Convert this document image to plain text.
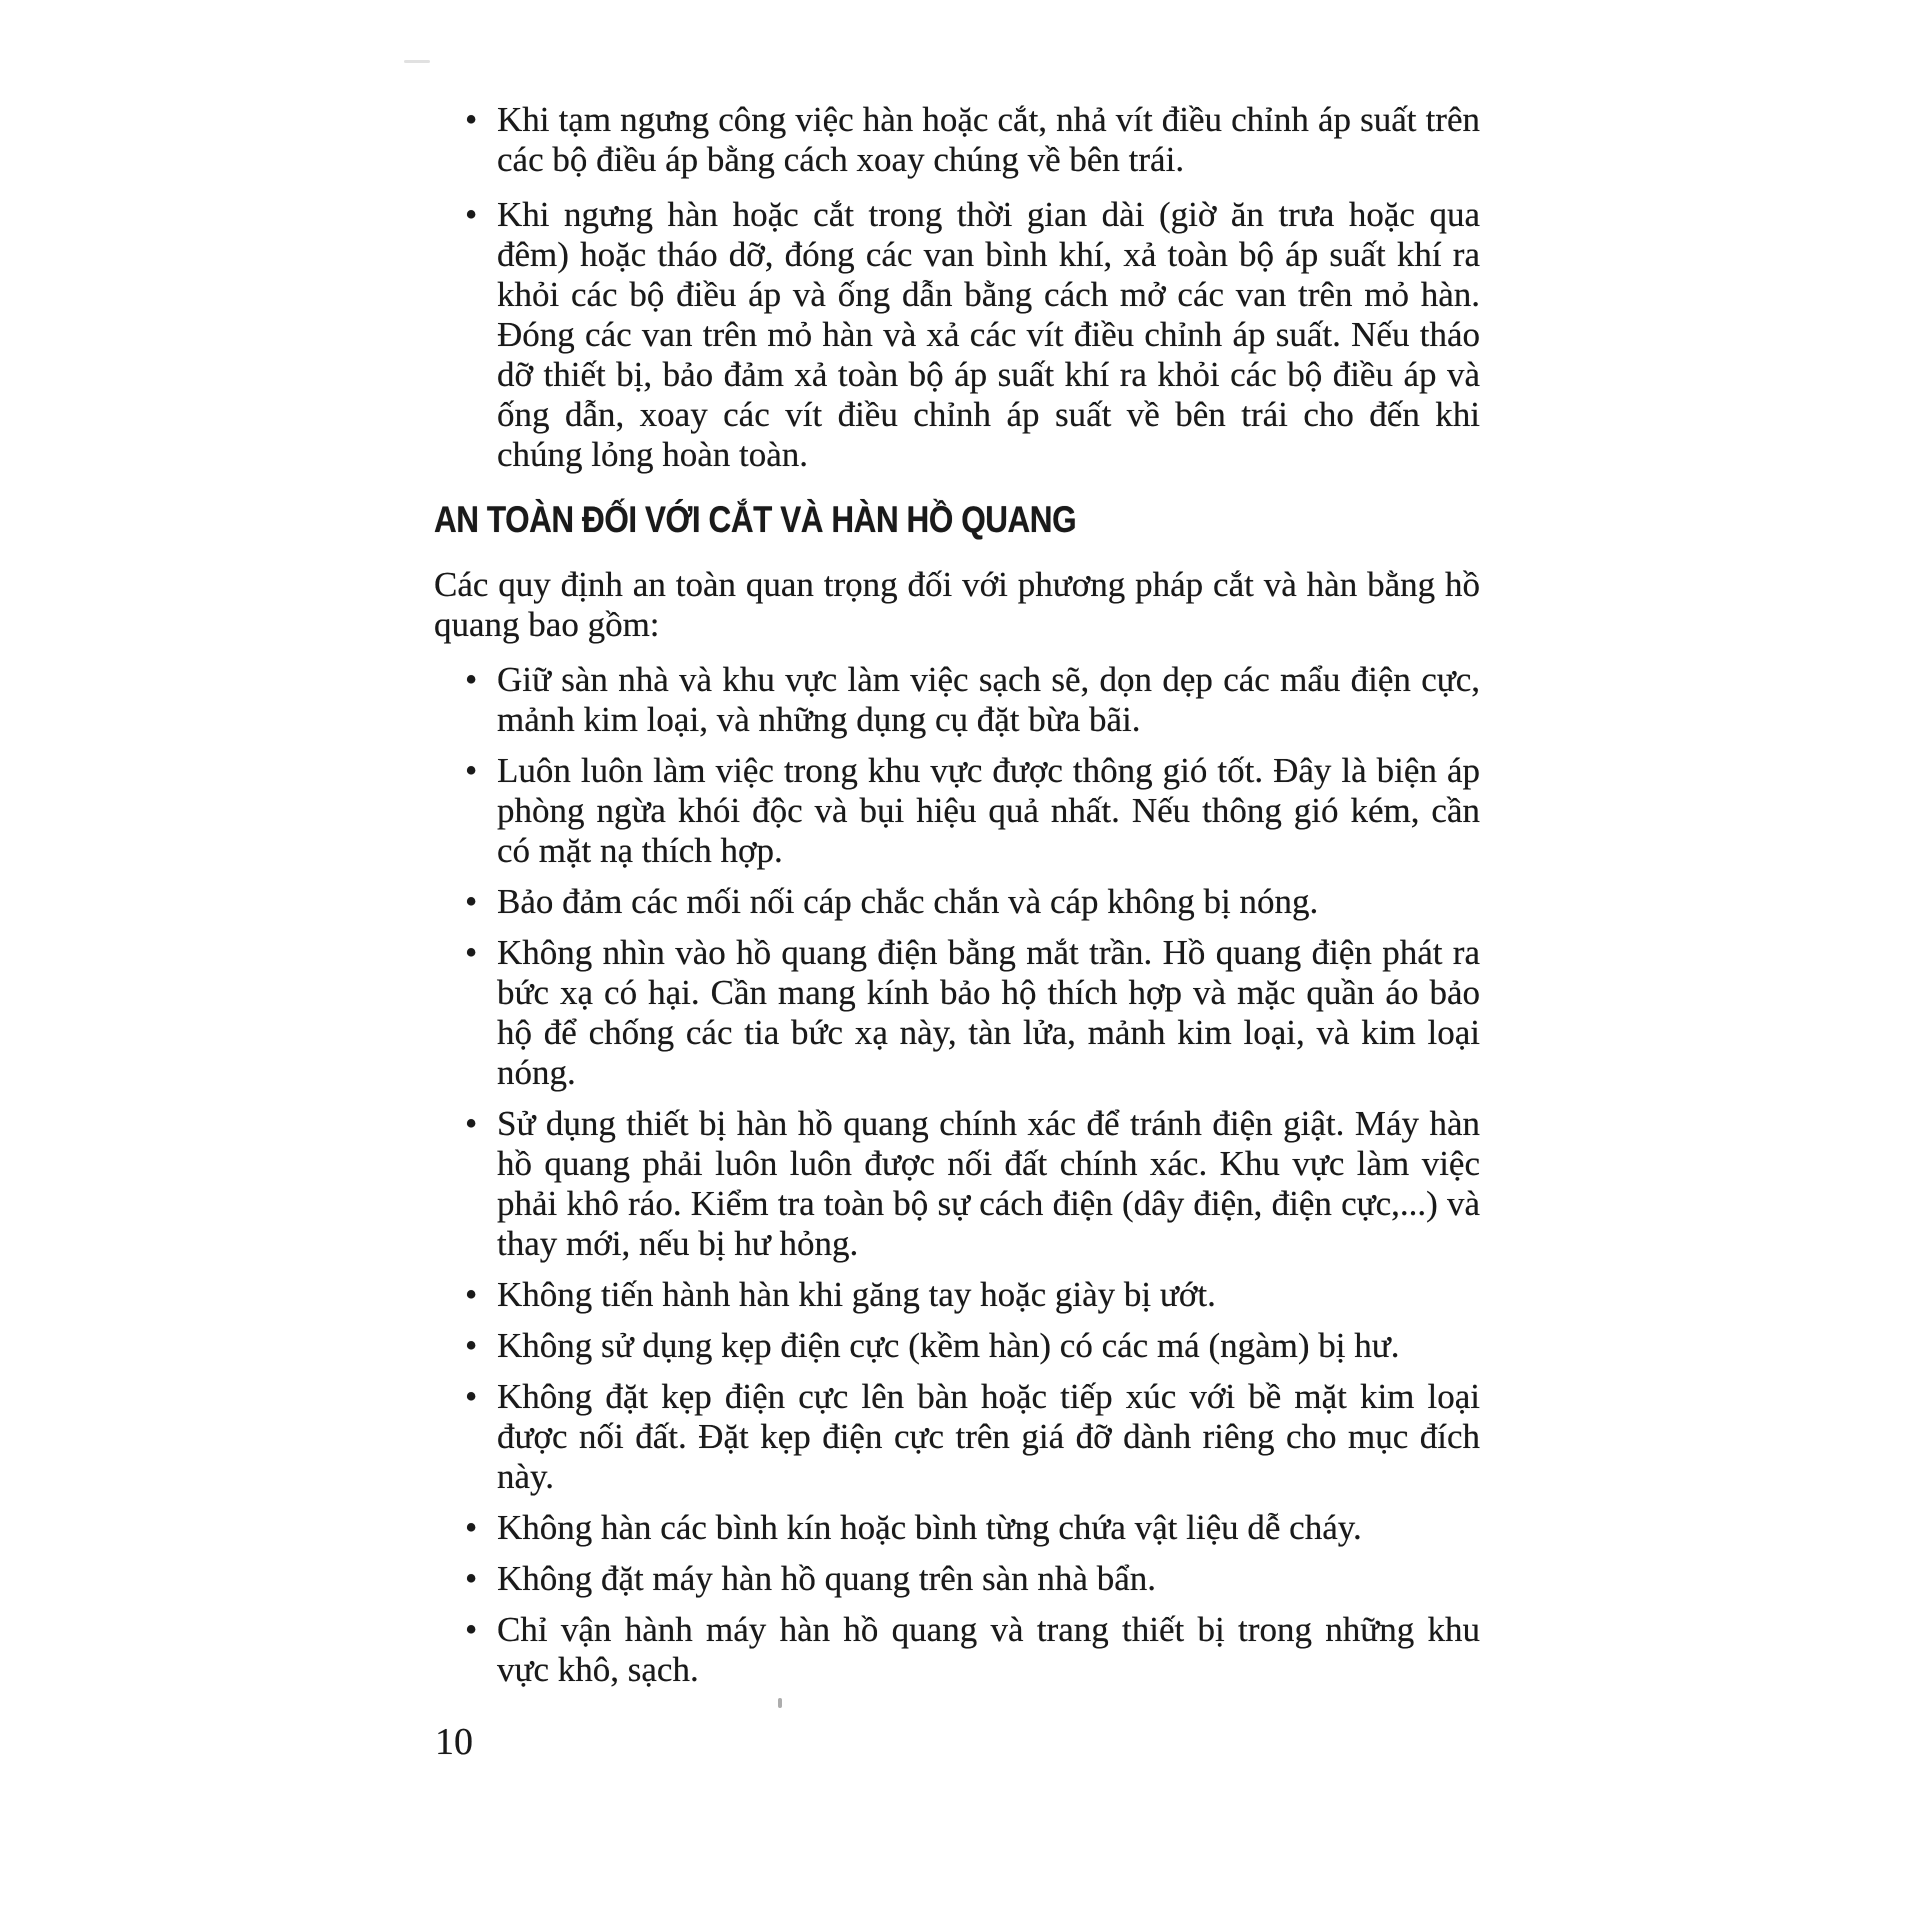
• Khi tạm ngưng công việc hàn hoặc cắt, nhả vít điều chỉnh áp suất trên các bộ điều áp bằng cách xoay chúng về bên trái.
• Khi ngưng hàn hoặc cắt trong thời gian dài (giờ ăn trưa hoặc qua đêm) hoặc tháo dỡ, đóng các van bình khí, xả toàn bộ áp suất khí ra khỏi các bộ điều áp và ống dẫn bằng cách mở các van trên mỏ hàn. Đóng các van trên mỏ hàn và xả các vít điều chỉnh áp suất. Nếu tháo dỡ thiết bị, bảo đảm xả toàn bộ áp suất khí ra khỏi các bộ điều áp và ống dẫn, xoay các vít điều chỉnh áp suất về bên trái cho đến khi chúng lỏng hoàn toàn.
AN TOÀN ĐỐI VỚI CẮT VÀ HÀN HỒ QUANG

Các quy định an toàn quan trọng đối với phương pháp cắt và hàn bằng hồ quang bao gồm:

• Giữ sàn nhà và khu vực làm việc sạch sẽ, dọn dẹp các mẩu điện cực, mảnh kim loại, và những dụng cụ đặt bừa bãi.
• Luôn luôn làm việc trong khu vực được thông gió tốt. Đây là biện áp phòng ngừa khói độc và bụi hiệu quả nhất. Nếu thông gió kém, cần có mặt nạ thích hợp.
• Bảo đảm các mối nối cáp chắc chắn và cáp không bị nóng.
• Không nhìn vào hồ quang điện bằng mắt trần. Hồ quang điện phát ra bức xạ có hại. Cần mang kính bảo hộ thích hợp và mặc quần áo bảo hộ để chống các tia bức xạ này, tàn lửa, mảnh kim loại, và kim loại nóng.
• Sử dụng thiết bị hàn hồ quang chính xác để tránh điện giật. Máy hàn hồ quang phải luôn luôn được nối đất chính xác. Khu vực làm việc phải khô ráo. Kiểm tra toàn bộ sự cách điện (dây điện, điện cực,...) và thay mới, nếu bị hư hỏng.
• Không tiến hành hàn khi găng tay hoặc giày bị ướt.
• Không sử dụng kẹp điện cực (kềm hàn) có các má (ngàm) bị hư.
• Không đặt kẹp điện cực lên bàn hoặc tiếp xúc với bề mặt kim loại được nối đất. Đặt kẹp điện cực trên giá đỡ dành riêng cho mục đích này.
• Không hàn các bình kín hoặc bình từng chứa vật liệu dễ cháy.
• Không đặt máy hàn hồ quang trên sàn nhà bẩn.
• Chỉ vận hành máy hàn hồ quang và trang thiết bị trong những khu vực khô, sạch.
10
